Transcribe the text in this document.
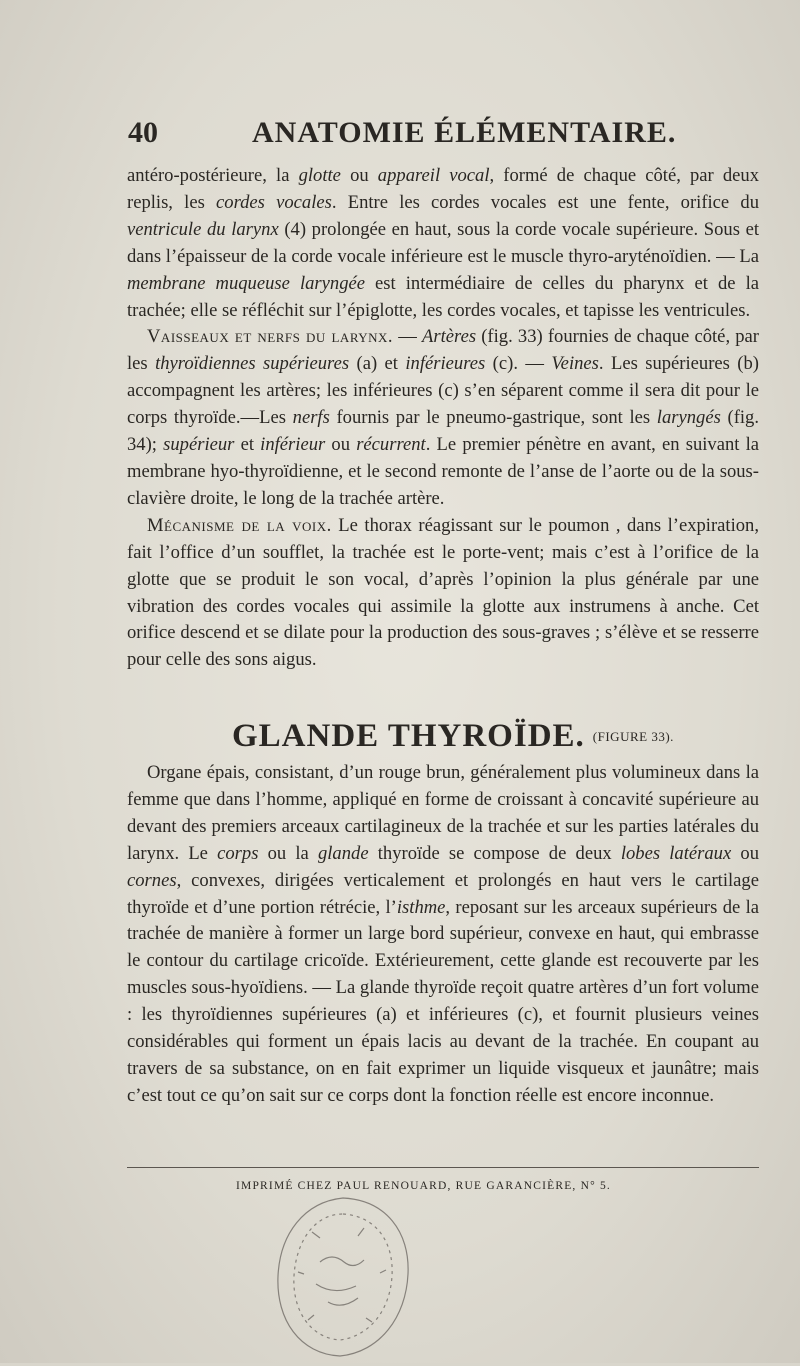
40	ANATOMIE ÉLÉMENTAIRE.

antéro-postérieure, la glotte ou appareil vocal, formé de chaque côté, par deux replis, les cordes vocales. Entre les cordes vocales est une fente, orifice du ventricule du larynx (4) prolongée en haut, sous la corde vocale supérieure. Sous et dans l’épaisseur de la corde vocale inférieure est le muscle thyro-aryténoïdien. — La membrane muqueuse laryngée est intermédiaire de celles du pharynx et de la trachée; elle se réfléchit sur l’épiglotte, les cordes vocales, et tapisse les ventricules.

Vaisseaux et nerfs du larynx. — Artères (fig. 33) fournies de chaque côté, par les thyroïdiennes supérieures (a) et inférieures (c). — Veines. Les supérieures (b) accompagnent les artères; les inférieures (c) s’en séparent comme il sera dit pour le corps thyroïde.—Les nerfs fournis par le pneumo-gastrique, sont les laryngés (fig. 34); supérieur et inférieur ou récurrent. Le premier pénètre en avant, en suivant la membrane hyo-thyroïdienne, et le second remonte de l’anse de l’aorte ou de la sous-clavière droite, le long de la trachée artère.

Mécanisme de la voix. Le thorax réagissant sur le poumon , dans l’expiration, fait l’office d’un soufflet, la trachée est le porte-vent; mais c’est à l’orifice de la glotte que se produit le son vocal, d’après l’opinion la plus générale par une vibration des cordes vocales qui assimile la glotte aux instrumens à anche. Cet orifice descend et se dilate pour la production des sous-graves ; s’élève et se resserre pour celle des sons aigus.

GLANDE THYROÏDE. $^{(FIGURE 33).}$

Organe épais, consistant, d’un rouge brun, généralement plus volumineux dans la femme que dans l’homme, appliqué en forme de croissant à concavité supérieure au devant des premiers arceaux cartilagineux de la trachée et sur les parties latérales du larynx. Le corps ou la glande thyroïde se compose de deux lobes latéraux ou cornes, convexes, dirigées verticalement et prolongés en haut vers le cartilage thyroïde et d’une portion rétrécie, l’isthme, reposant sur les arceaux supérieurs de la trachée de manière à former un large bord supérieur, convexe en haut, qui embrasse le contour du cartilage cricoïde. Extérieurement, cette glande est recouverte par les muscles sous-hyoïdiens. — La glande thyroïde reçoit quatre artères d’un fort volume : les thyroïdiennes supérieures (a) et inférieures (c), et fournit plusieurs veines considérables qui forment un épais lacis au devant de la trachée. En coupant au travers de sa substance, on en fait exprimer un liquide visqueux et jaunâtre; mais c’est tout ce qu’on sait sur ce corps dont la fonction réelle est encore inconnue.

IMPRIMÉ CHEZ PAUL RENOUARD, RUE GARANCIÈRE, N° 5.
